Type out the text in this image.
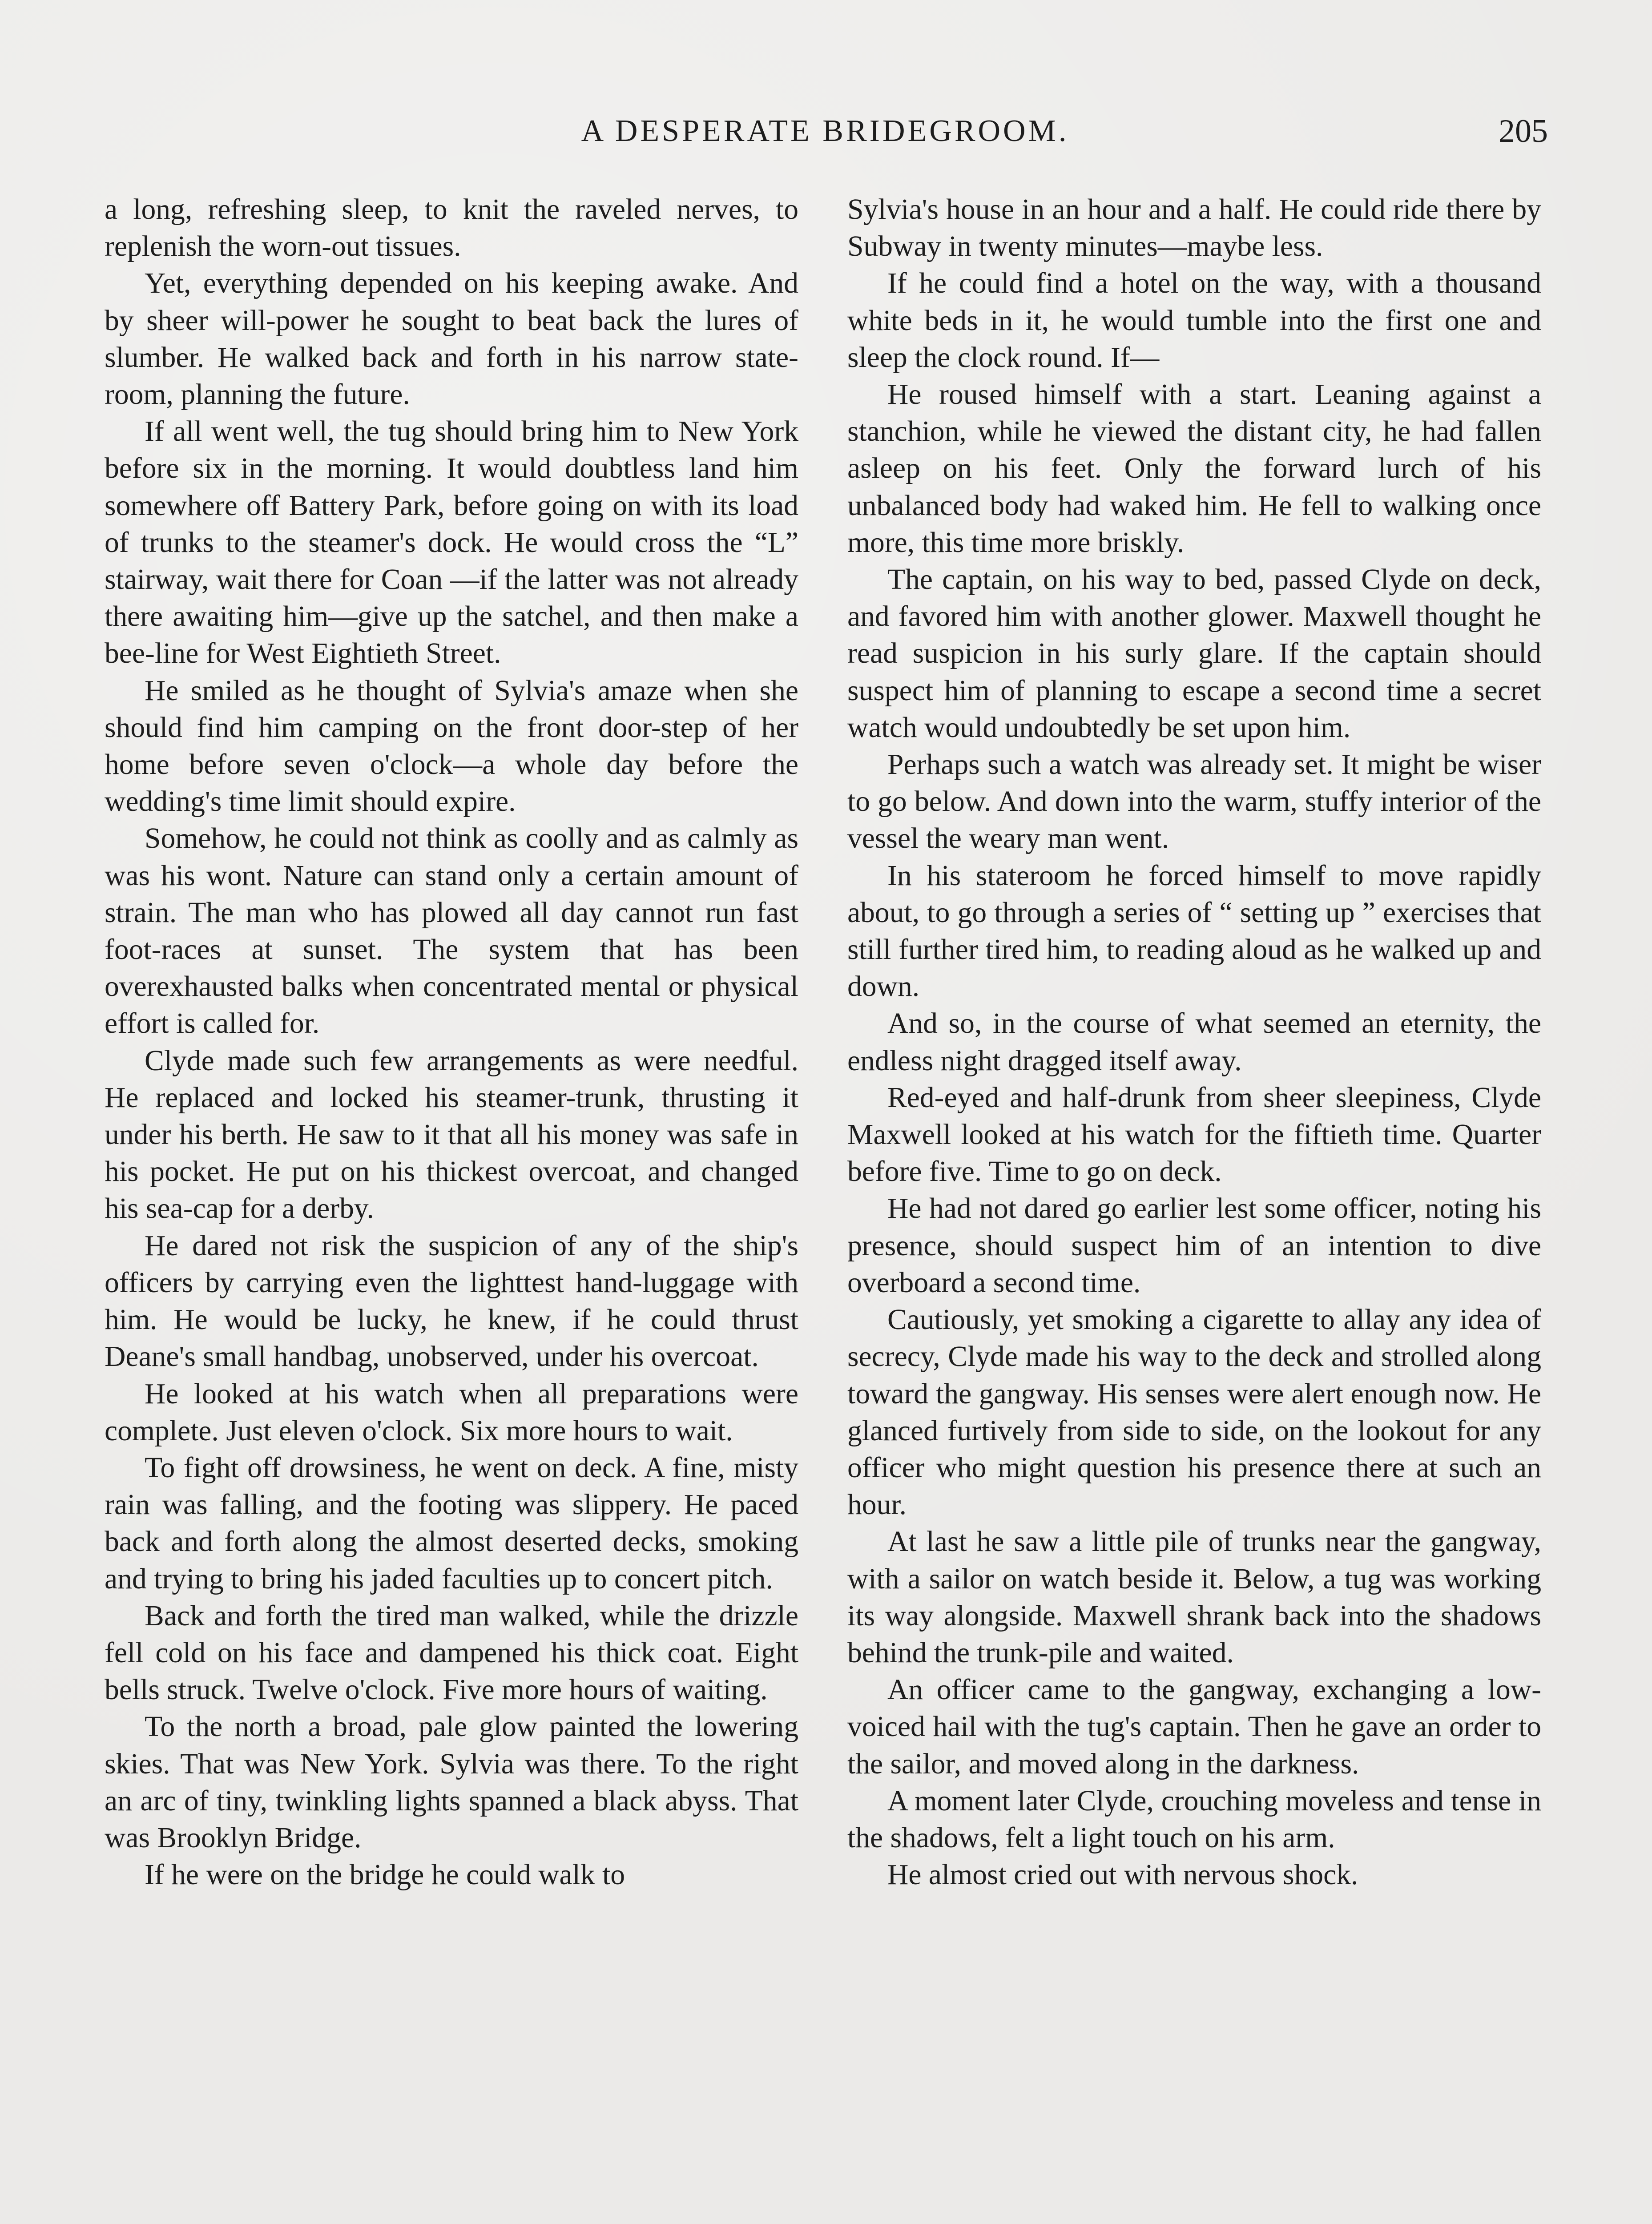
A DESPERATE BRIDEGROOM.	205

a long, refreshing sleep, to knit the raveled nerves, to replenish the worn-out tissues.

Yet, everything depended on his keeping awake. And by sheer will-power he sought to beat back the lures of slumber. He walked back and forth in his narrow state-room, planning the future.

If all went well, the tug should bring him to New York before six in the morning. It would doubtless land him somewhere off Battery Park, before going on with its load of trunks to the steamer's dock. He would cross the “L” stairway, wait there for Coan —if the latter was not already there awaiting him—give up the satchel, and then make a bee-line for West Eightieth Street.

He smiled as he thought of Sylvia's amaze when she should find him camping on the front door-step of her home before seven o'clock—a whole day before the wedding's time limit should expire.

Somehow, he could not think as coolly and as calmly as was his wont. Nature can stand only a certain amount of strain. The man who has plowed all day cannot run fast foot-races at sunset. The system that has been overexhausted balks when concentrated mental or physical effort is called for.

Clyde made such few arrangements as were needful. He replaced and locked his steamer-trunk, thrusting it under his berth. He saw to it that all his money was safe in his pocket. He put on his thickest overcoat, and changed his sea-cap for a derby.

He dared not risk the suspicion of any of the ship's officers by carrying even the lighttest hand-luggage with him. He would be lucky, he knew, if he could thrust Deane's small handbag, unobserved, under his overcoat.

He looked at his watch when all preparations were complete. Just eleven o'clock. Six more hours to wait.

To fight off drowsiness, he went on deck. A fine, misty rain was falling, and the footing was slippery. He paced back and forth along the almost deserted decks, smoking and trying to bring his jaded faculties up to concert pitch.

Back and forth the tired man walked, while the drizzle fell cold on his face and dampened his thick coat. Eight bells struck. Twelve o'clock. Five more hours of waiting.

To the north a broad, pale glow painted the lowering skies. That was New York. Sylvia was there. To the right an arc of tiny, twinkling lights spanned a black abyss. That was Brooklyn Bridge.

If he were on the bridge he could walk to

Sylvia's house in an hour and a half. He could ride there by Subway in twenty minutes—maybe less.

If he could find a hotel on the way, with a thousand white beds in it, he would tumble into the first one and sleep the clock round. If—

He roused himself with a start. Leaning against a stanchion, while he viewed the distant city, he had fallen asleep on his feet. Only the forward lurch of his unbalanced body had waked him. He fell to walking once more, this time more briskly.

The captain, on his way to bed, passed Clyde on deck, and favored him with another glower. Maxwell thought he read suspicion in his surly glare. If the captain should suspect him of planning to escape a second time a secret watch would undoubtedly be set upon him.

Perhaps such a watch was already set. It might be wiser to go below. And down into the warm, stuffy interior of the vessel the weary man went.

In his stateroom he forced himself to move rapidly about, to go through a series of “ setting up ” exercises that still further tired him, to reading aloud as he walked up and down.

And so, in the course of what seemed an eternity, the endless night dragged itself away.

Red-eyed and half-drunk from sheer sleepiness, Clyde Maxwell looked at his watch for the fiftieth time. Quarter before five. Time to go on deck.

He had not dared go earlier lest some officer, noting his presence, should suspect him of an intention to dive overboard a second time.

Cautiously, yet smoking a cigarette to allay any idea of secrecy, Clyde made his way to the deck and strolled along toward the gangway. His senses were alert enough now. He glanced furtively from side to side, on the lookout for any officer who might question his presence there at such an hour.

At last he saw a little pile of trunks near the gangway, with a sailor on watch beside it. Below, a tug was working its way alongside. Maxwell shrank back into the shadows behind the trunk-pile and waited.

An officer came to the gangway, exchanging a low-voiced hail with the tug's captain. Then he gave an order to the sailor, and moved along in the darkness.

A moment later Clyde, crouching moveless and tense in the shadows, felt a light touch on his arm.

He almost cried out with nervous shock.
